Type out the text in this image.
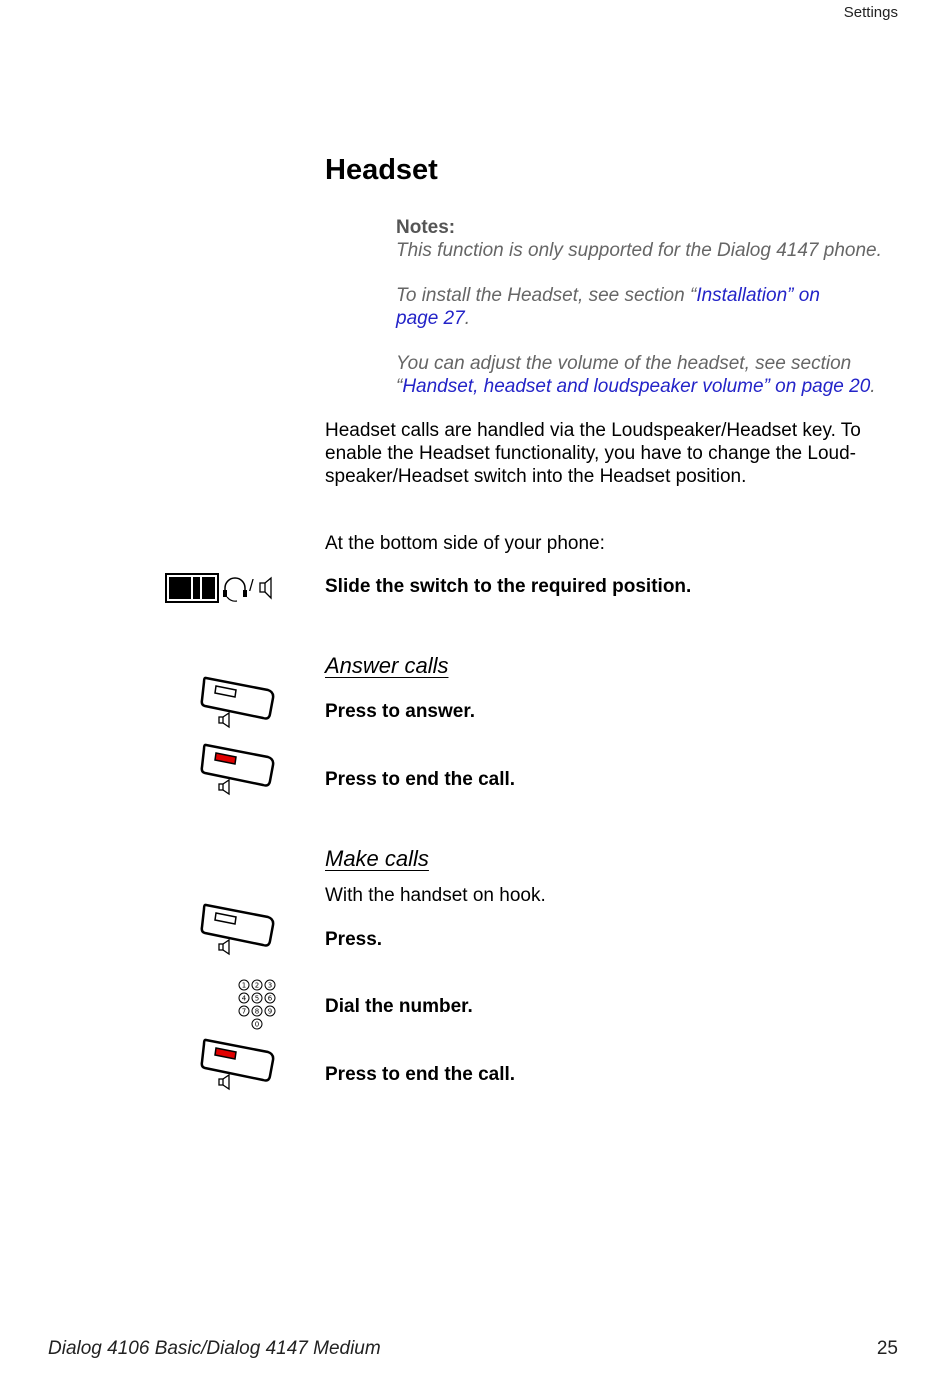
Settings
Headset
Notes:
This function is only supported for the Dialog 4147 phone.
To install the Headset, see section “Installation” on
page 27.
You can adjust the volume of the headset, see section
“Handset, headset and loudspeaker volume” on page 20.
Headset calls are handled via the Loudspeaker/Headset key. To
enable the Headset functionality, you have to change the Loud-
speaker/Headset switch into the Headset position.
At the bottom side of your phone:
/	Slide the switch to the required position.
Answer calls
Press to answer.
Press to end the call.
Make calls
With the handset on hook.
Press.
1 2 3
4 5 6
7 8 9
0
Dial the number.
Press to end the call.
Dialog 4106 Basic/Dialog 4147 Medium	25
